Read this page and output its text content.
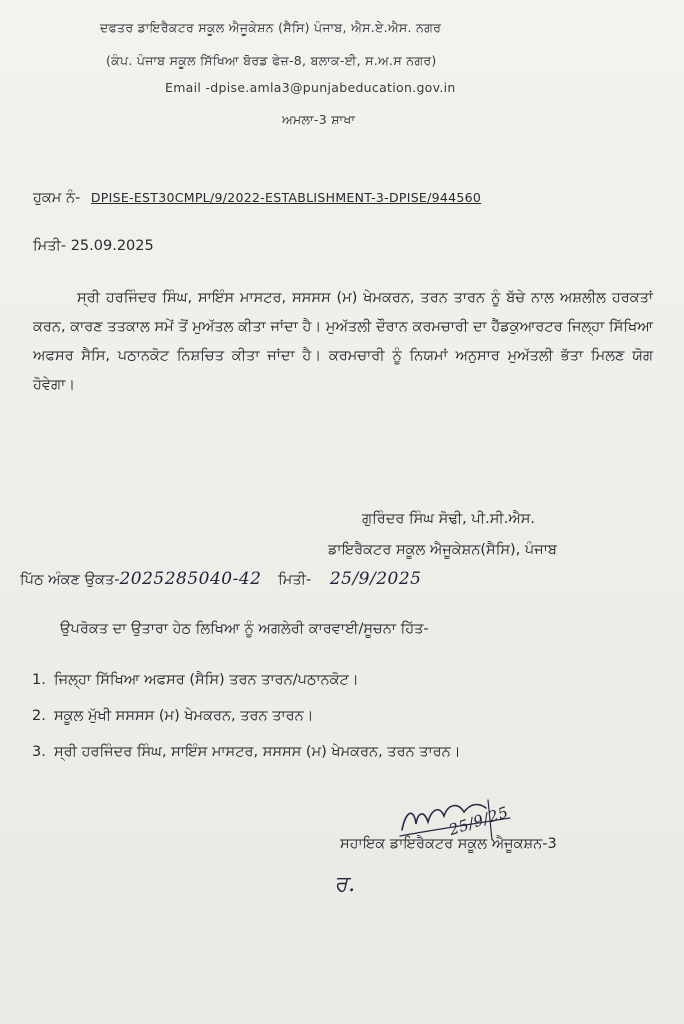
ਦਫਤਰ ਡਾਇਰੈਕਟਰ ਸਕੂਲ ਐਜੂਕੇਸ਼ਨ (ਸੈਸਿ) ਪੰਜਾਬ, ਐਸ.ਏ.ਐਸ. ਨਗਰ
(ਕੰਪ. ਪੰਜਾਬ ਸਕੂਲ ਸਿੱਖਿਆ ਬੋਰਡ ਫੇਜ਼-8, ਬਲਾਕ-ਈ, ਸ.ਅ.ਸ ਨਗਰ)
Email -dpise.amla3@punjabeducation.gov.in
ਅਮਲਾ-3 ਸ਼ਾਖਾ
ਹੁਕਮ ਨੰ- DPISE-EST30CMPL/9/2022-ESTABLISHMENT-3-DPISE/944560
ਮਿਤੀ- 25.09.2025
ਸ੍ਰੀ ਹਰਜਿੰਦਰ ਸਿੰਘ, ਸਾਇੰਸ ਮਾਸਟਰ, ਸਸਸਸ (ਮ) ਖੇਮਕਰਨ, ਤਰਨ ਤਾਰਨ ਨੂੰ ਬੱਚੇ ਨਾਲ ਅਸ਼ਲੀਲ ਹਰਕਤਾਂ ਕਰਨ, ਕਾਰਣ ਤਤਕਾਲ ਸਮੇਂ ਤੋਂ ਮੁਅੱਤਲ ਕੀਤਾ ਜਾਂਦਾ ਹੈ। ਮੁਅੱਤਲੀ ਦੌਰਾਨ ਕਰਮਚਾਰੀ ਦਾ ਹੈੱਡਕੁਆਰਟਰ ਜਿਲ੍ਹਾ ਸਿੱਖਿਆ ਅਫਸਰ ਸੈਸਿ, ਪਠਾਨਕੋਟ ਨਿਸ਼ਚਿਤ ਕੀਤਾ ਜਾਂਦਾ ਹੈ। ਕਰਮਚਾਰੀ ਨੂੰ ਨਿਯਮਾਂ ਅਨੁਸਾਰ ਮੁਅੱਤਲੀ ਭੱਤਾ ਮਿਲਣ ਯੋਗ ਹੋਵੇਗਾ।
ਗੁਰਿੰਦਰ ਸਿੰਘ ਸੋਢੀ, ਪੀ.ਸੀ.ਐਸ.
ਡਾਇਰੈਕਟਰ ਸਕੂਲ ਐਜੂਕੇਸ਼ਨ(ਸੈਸਿ), ਪੰਜਾਬ
ਪਿੱਠ ਅੰਕਣ ਉਕਤ-2025285040-42 ਮਿਤੀ- 25/9/2025
ਉਪਰੋਕਤ ਦਾ ਉਤਾਰਾ ਹੇਠ ਲਿਖਿਆ ਨੂੰ ਅਗਲੇਰੀ ਕਾਰਵਾਈ/ਸੂਚਨਾ ਹਿੱਤ-
1. ਜਿਲ੍ਹਾ ਸਿੱਖਿਆ ਅਫਸਰ (ਸੈਸਿ) ਤਰਨ ਤਾਰਨ/ਪਠਾਨਕੋਟ।
2. ਸਕੂਲ ਮੁੱਖੀ ਸਸਸਸ (ਮ) ਖੇਮਕਰਨ, ਤਰਨ ਤਾਰਨ।
3. ਸ੍ਰੀ ਹਰਜਿੰਦਰ ਸਿੰਘ, ਸਾਇੰਸ ਮਾਸਟਰ, ਸਸਸਸ (ਮ) ਖੇਮਕਰਨ, ਤਰਨ ਤਾਰਨ।
25/9/25
ਸਹਾਇਕ ਡਾਇਰੈਕਟਰ ਸਕੂਲ ਐਜੂਕਸ਼ਨ-3
ਰ.
